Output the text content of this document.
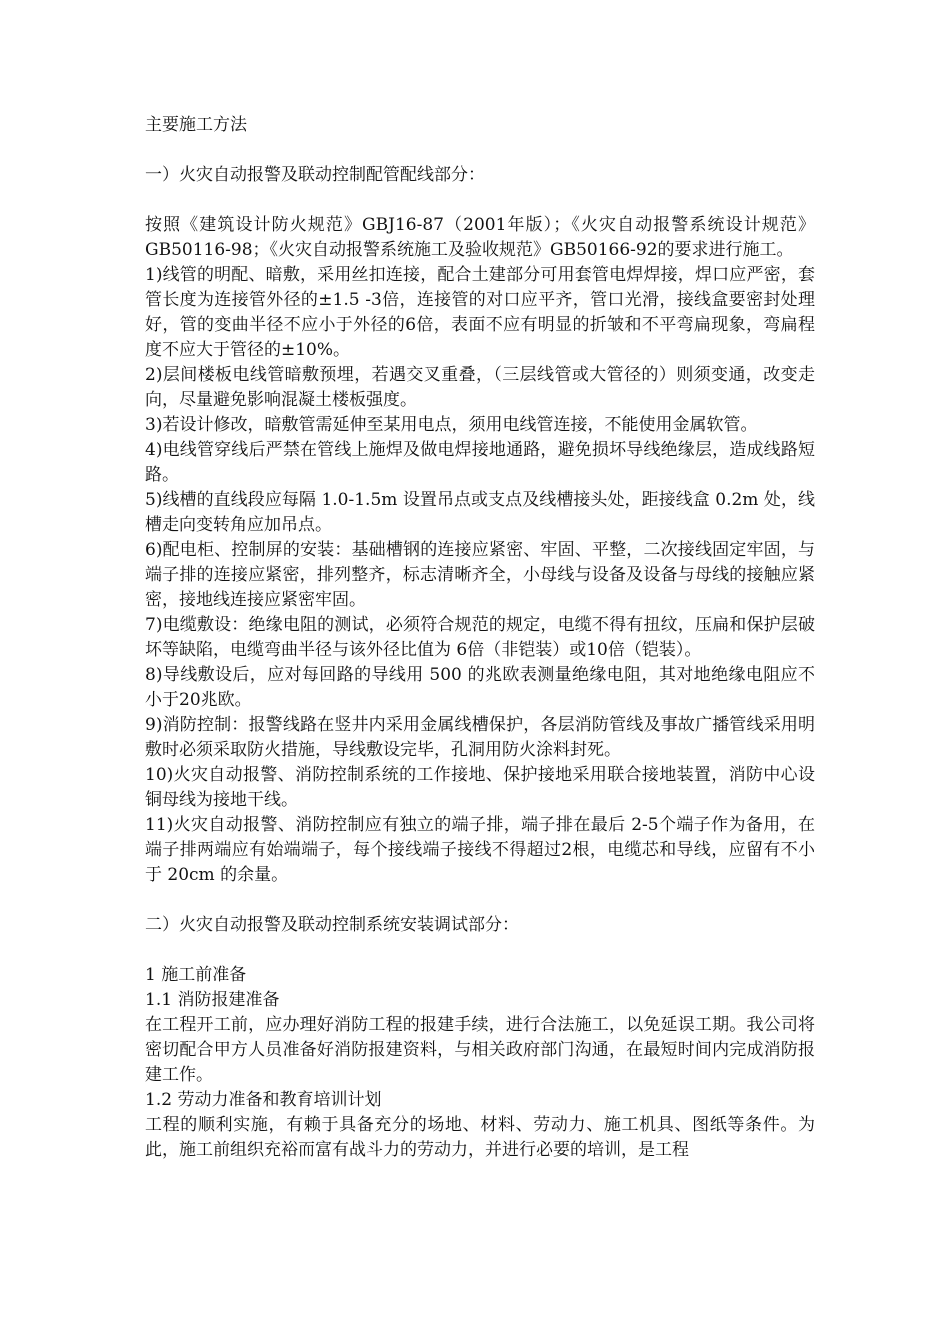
主要施工方法

一）火灾自动报警及联动控制配管配线部分：

按照《建筑设计防火规范》GBJ16-87（2001年版）；《火灾自动报警系统设计规范》GB50116-98；《火灾自动报警系统施工及验收规范》GB50166-92的要求进行施工。

1)线管的明配、暗敷，采用丝扣连接，配合土建部分可用套管电焊焊接，焊口应严密，套管长度为连接管外径的±1.5 -3倍，连接管的对口应平齐，管口光滑，接线盒要密封处理好，管的变曲半径不应小于外径的6倍，表面不应有明显的折皱和不平弯扁现象，弯扁程度不应大于管径的±10%。

2)层间楼板电线管暗敷预埋，若遇交叉重叠，（三层线管或大管径的）则须变通，改变走向，尽量避免影响混凝土楼板强度。

3)若设计修改，暗敷管需延伸至某用电点，须用电线管连接，不能使用金属软管。

4)电线管穿线后严禁在管线上施焊及做电焊接地通路，避免损坏导线绝缘层，造成线路短路。

5)线槽的直线段应每隔 1.0-1.5m 设置吊点或支点及线槽接头处，距接线盒 0.2m 处，线槽走向变转角应加吊点。

6)配电柜、控制屏的安装：基础槽钢的连接应紧密、牢固、平整，二次接线固定牢固，与端子排的连接应紧密，排列整齐，标志清晰齐全，小母线与设备及设备与母线的接触应紧密，接地线连接应紧密牢固。

7)电缆敷设：绝缘电阻的测试，必须符合规范的规定，电缆不得有扭纹，压扁和保护层破坏等缺陷，电缆弯曲半径与该外径比值为 6倍（非铠装）或10倍（铠装）。

8)导线敷设后，应对每回路的导线用 500 的兆欧表测量绝缘电阻，其对地绝缘电阻应不小于20兆欧。

9)消防控制：报警线路在竖井内采用金属线槽保护，各层消防管线及事故广播管线采用明敷时必须采取防火措施，导线敷设完毕，孔洞用防火涂料封死。

10)火灾自动报警、消防控制系统的工作接地、保护接地采用联合接地装置，消防中心设铜母线为接地干线。

11)火灾自动报警、消防控制应有独立的端子排，端子排在最后 2-5个端子作为备用，在端子排两端应有始端端子，每个接线端子接线不得超过2根，电缆芯和导线，应留有不小于 20cm 的余量。

二）火灾自动报警及联动控制系统安装调试部分：

1 施工前准备

1.1 消防报建准备

在工程开工前，应办理好消防工程的报建手续，进行合法施工，以免延误工期。我公司将密切配合甲方人员准备好消防报建资料，与相关政府部门沟通，在最短时间内完成消防报建工作。

1.2 劳动力准备和教育培训计划

工程的顺利实施，有赖于具备充分的场地、材料、劳动力、施工机具、图纸等条件。为此，施工前组织充裕而富有战斗力的劳动力，并进行必要的培训，是工程
